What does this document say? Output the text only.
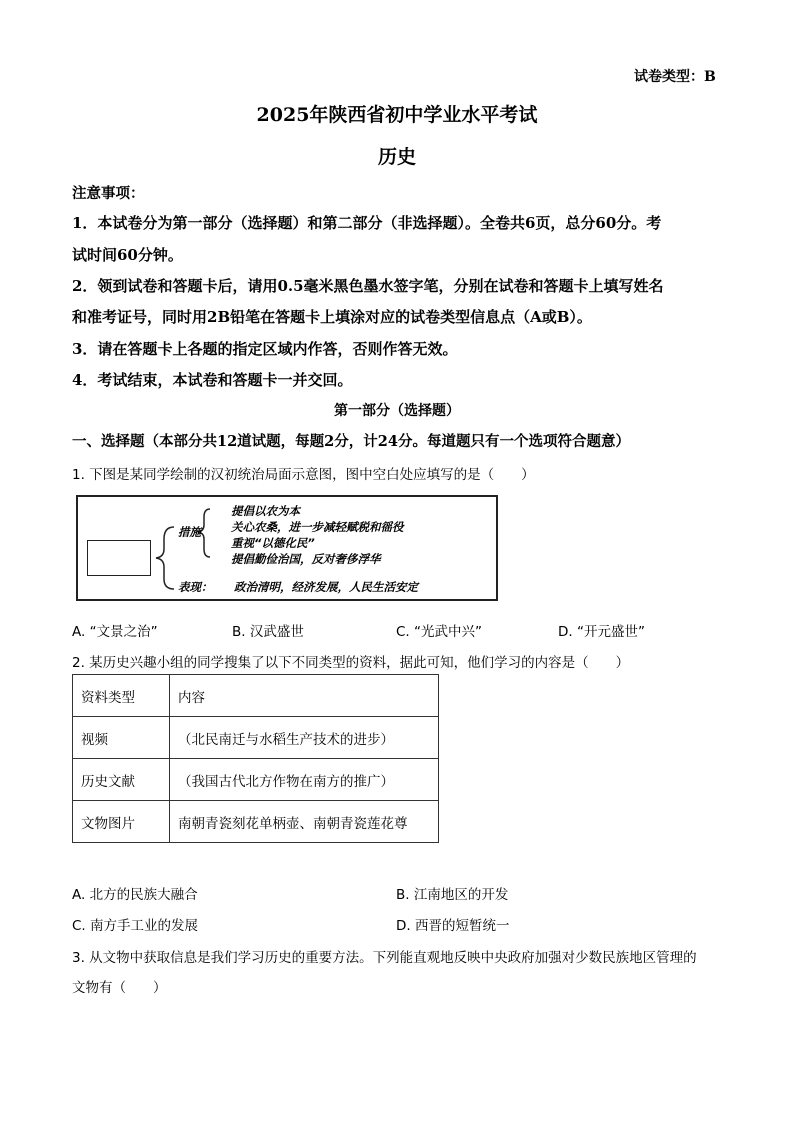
试卷类型：B
2025年陕西省初中学业水平考试
历史
注意事项：
1．本试卷分为第一部分（选择题）和第二部分（非选择题）。全卷共6页，总分60分。考
试时间60分钟。
2．领到试卷和答题卡后，请用0.5毫米黑色墨水签字笔，分别在试卷和答题卡上填写姓名
和准考证号，同时用2B铅笔在答题卡上填涂对应的试卷类型信息点（A或B）。
3．请在答题卡上各题的指定区域内作答，否则作答无效。
4．考试结束，本试卷和答题卡一并交回。
第一部分（选择题）
一、选择题（本部分共12道试题，每题2分，计24分。每道题只有一个选项符合题意）
1. 下图是某同学绘制的汉初统治局面示意图，图中空白处应填写的是（　　）
措施
提倡以农为本
关心农桑，进一步减轻赋税和徭役
重视“以德化民”
提倡勤俭治国，反对奢侈浮华
表现： 政治清明，经济发展，人民生活安定
A. “文景之治”	B. 汉武盛世	C. “光武中兴”	D. “开元盛世”
2. 某历史兴趣小组的同学搜集了以下不同类型的资料，据此可知，他们学习的内容是（　　）
资料类型	内容
视频	（北民南迁与水稻生产技术的进步）
历史文献	（我国古代北方作物在南方的推广）
文物图片	南朝青瓷刻花单柄壶、南朝青瓷莲花尊
A. 北方的民族大融合	B. 江南地区的开发
C. 南方手工业的发展	D. 西晋的短暂统一
3. 从文物中获取信息是我们学习历史的重要方法。下列能直观地反映中央政府加强对少数民族地区管理的
文物有（　　）
